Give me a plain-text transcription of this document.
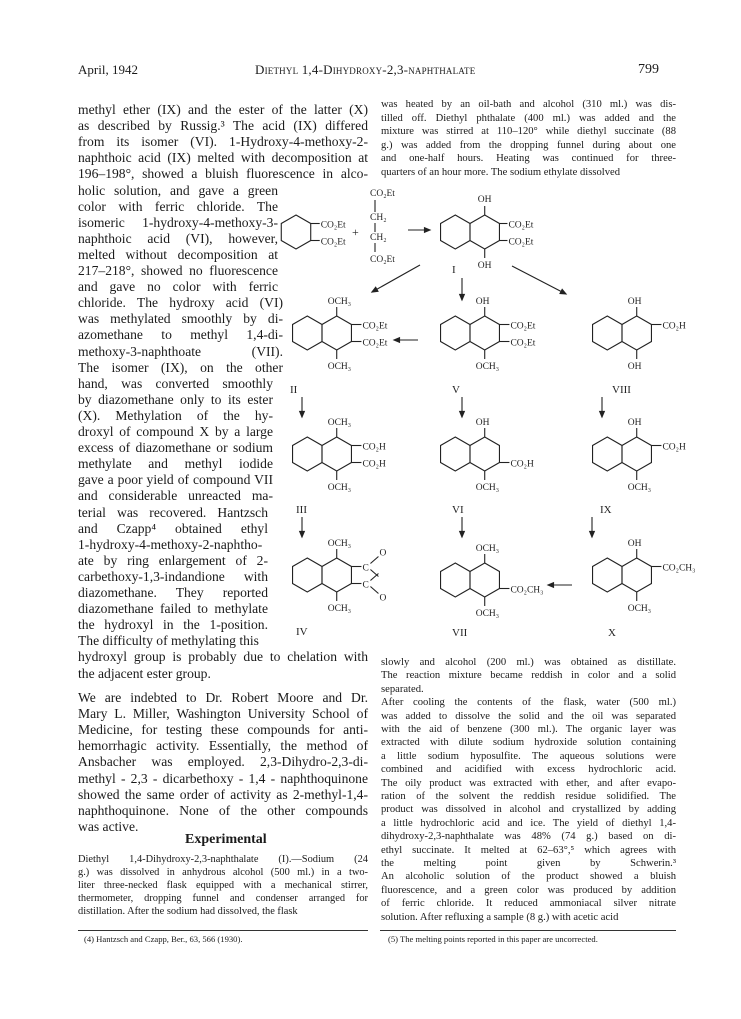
April, 1942	Diethyl 1,4-Dihydroxy-2,3-naphthalate	799
methyl ether (IX) and the ester of the latter (X)
as described by Russig.³ The acid (IX) differed
from its isomer (VI). 1-Hydroxy-4-methoxy-2-
naphthoic acid (IX) melted with decomposition at
196–198°, showed a bluish fluorescence in alco-
holic solution, and gave a green
color with ferric chloride. The
isomeric 1-hydroxy-4-methoxy-3-
naphthoic acid (VI), however,
melted without decomposition at
217–218°, showed no fluorescence
and gave no color with ferric
chloride. The hydroxy acid (VI)
was methylated smoothly by di-
azomethane to methyl 1,4-di-
methoxy-3-naphthoate (VII).
The isomer (IX), on the other
hand, was converted smoothly
by diazomethane only to its ester
(X). Methylation of the hy-
droxyl of compound X by a large
excess of diazomethane or sodium
methylate and methyl iodide
gave a poor yield of compound VII
and considerable unreacted ma-
terial was recovered. Hantzsch
and Czapp⁴ obtained ethyl
1-hydroxy-4-methoxy-2-naphtho-
ate by ring enlargement of 2-
carbethoxy-1,3-indandione with
diazomethane. They reported
diazomethane failed to methylate
the hydroxyl in the 1-position.
The difficulty of methylating this
hydroxyl group is probably due to chelation with
the adjacent ester group.
We are indebted to Dr. Robert Moore and Dr.
Mary L. Miller, Washington University School of
Medicine, for testing these compounds for anti-
hemorrhagic activity. Essentially, the method of
Ansbacher was employed. 2,3-Dihydro-2,3-di-
methyl - 2,3 - dicarbethoxy - 1,4 - naphthoquinone
showed the same order of activity as 2-methyl-1,4-
naphthoquinone. None of the other compounds
was active.
Experimental
Diethyl 1,4-Dihydroxy-2,3-naphthalate (I).—Sodium (24
g.) was dissolved in anhydrous alcohol (500 ml.) in a two-
liter three-necked flask equipped with a mechanical stirrer,
thermometer, dropping funnel and condenser arranged for
distillation. After the sodium had dissolved, the flask
(4) Hantzsch and Czapp, Ber., 63, 566 (1930).
was heated by an oil-bath and alcohol (310 ml.) was dis-
tilled off. Diethyl phthalate (400 ml.) was added and the
mixture was stirred at 110–120° while diethyl succinate (88
g.) was added from the dropping funnel during about one
and one-half hours. Heating was continued for three-
quarters of an hour more. The sodium ethylate dissolved
slowly and alcohol (200 ml.) was obtained as distillate.
The reaction mixture became reddish in color and a solid
separated.
After cooling the contents of the flask, water (500 ml.)
was added to dissolve the solid and the oil was separated
with the aid of benzene (300 ml.). The organic layer was
extracted with dilute sodium hydroxide solution containing
a little sodium hyposulfite. The aqueous solutions were
combined and acidified with excess hydrochloric acid.
The oily product was extracted with ether, and after evapo-
ration of the solvent the reddish residue solidified. The
product was dissolved in alcohol and crystallized by adding
a little hydrochloric acid and ice. The yield of diethyl 1,4-
dihydroxy-2,3-naphthalate was 48% (74 g.) based on di-
ethyl succinate. It melted at 62–63°,⁵ which agrees with
the melting point given by Schwerin.³
An alcoholic solution of the product showed a bluish
fluorescence, and a green color was produced by addition
of ferric chloride. It reduced ammoniacal silver nitrate
solution. After refluxing a sample (8 g.) with acetic acid
(5) The melting points reported in this paper are uncorrected.
CO₂Et
CO₂Et
+
CO₂Et
CH₂
CH₂
CO₂Et
OH
OH
CO₂Et
CO₂Et
I
OCH₃
OCH₃
CO₂Et
CO₂Et
II
OH
OCH₃
CO₂Et
CO₂Et
V
OH
OH
CO₂H
VIII
OCH₃
OCH₃
CO₂H
CO₂H
III
OH
OCH₃
CO₂H
VI
OH
OCH₃
CO₂H
IX
OCH₃
OCH₃
C
C
O
O
IV
OCH₃
OCH₃
CO₂CH₃
VII
OH
OCH₃
CO₂CH₃
X
